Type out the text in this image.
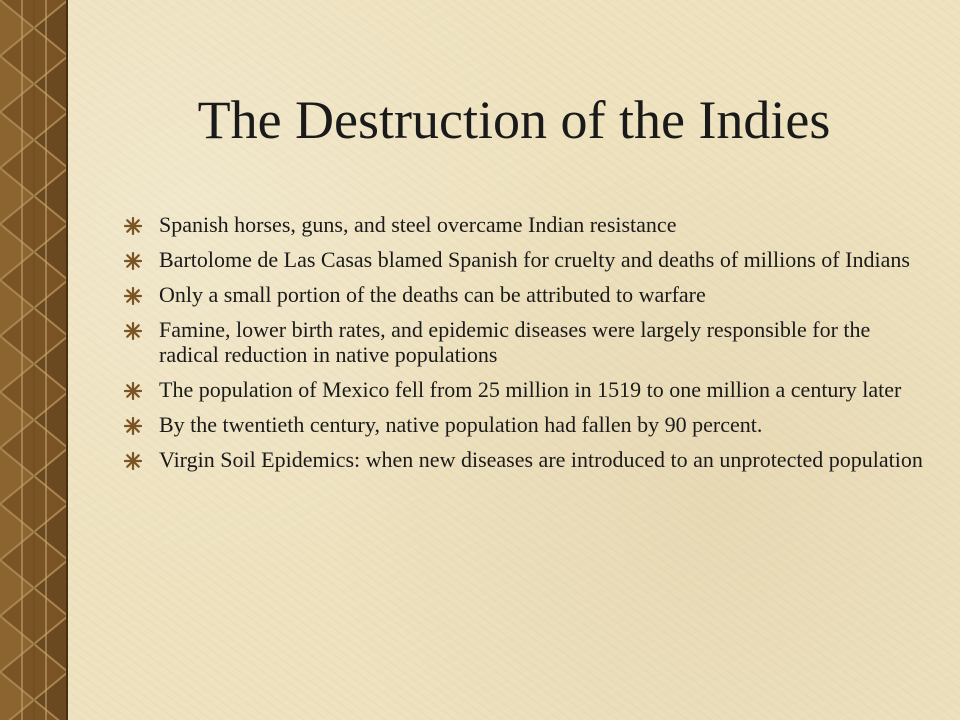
The Destruction of the Indies
Spanish horses, guns, and steel overcame Indian resistance
Bartolome de Las Casas blamed Spanish for cruelty and deaths of millions of Indians
Only a small portion of the deaths can be attributed to warfare
Famine, lower birth rates, and epidemic diseases were largely responsible for the radical reduction in native populations
The population of Mexico fell from 25 million in 1519 to one million a century later
By the twentieth century, native population had fallen by 90 percent.
Virgin Soil Epidemics: when new diseases are introduced to an unprotected population
